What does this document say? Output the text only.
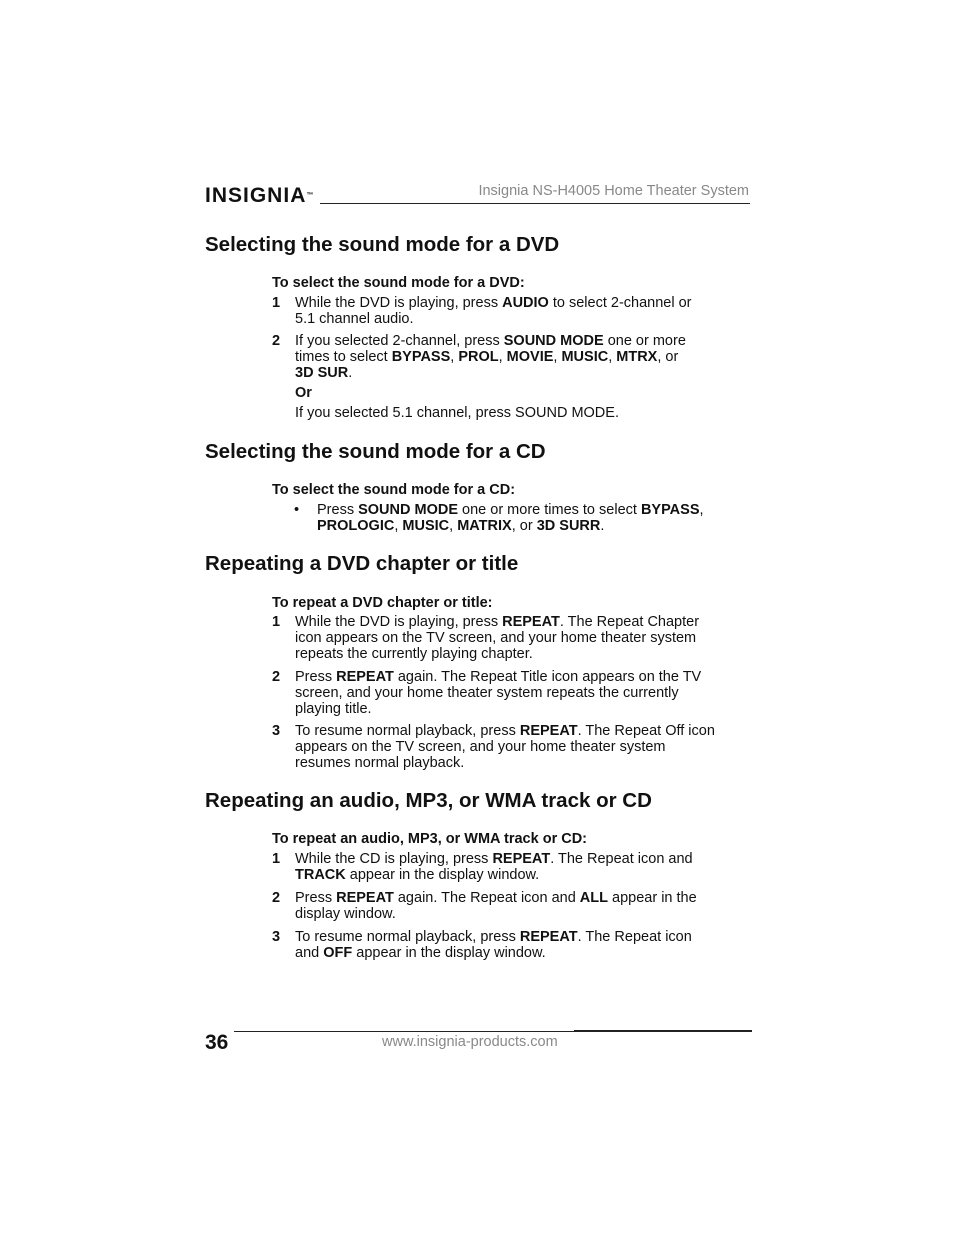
INSIGNIA™	Insignia NS-H4005 Home Theater System
Selecting the sound mode for a DVD
To select the sound mode for a DVD:
1 While the DVD is playing, press AUDIO to select 2-channel or
5.1 channel audio.
2 If you selected 2-channel, press SOUND MODE one or more
times to select BYPASS, PROL, MOVIE, MUSIC, MTRX, or
3D SUR.
Or
If you selected 5.1 channel, press SOUND MODE.
Selecting the sound mode for a CD
To select the sound mode for a CD:
• Press SOUND MODE one or more times to select BYPASS,
PROLOGIC, MUSIC, MATRIX, or 3D SURR.
Repeating a DVD chapter or title
To repeat a DVD chapter or title:
1 While the DVD is playing, press REPEAT. The Repeat Chapter
icon appears on the TV screen, and your home theater system
repeats the currently playing chapter.
2 Press REPEAT again. The Repeat Title icon appears on the TV
screen, and your home theater system repeats the currently
playing title.
3 To resume normal playback, press REPEAT. The Repeat Off icon
appears on the TV screen, and your home theater system
resumes normal playback.
Repeating an audio, MP3, or WMA track or CD
To repeat an audio, MP3, or WMA track or CD:
1 While the CD is playing, press REPEAT. The Repeat icon and
TRACK appear in the display window.
2 Press REPEAT again. The Repeat icon and ALL appear in the
display window.
3 To resume normal playback, press REPEAT. The Repeat icon
and OFF appear in the display window.
36	www.insignia-products.com
